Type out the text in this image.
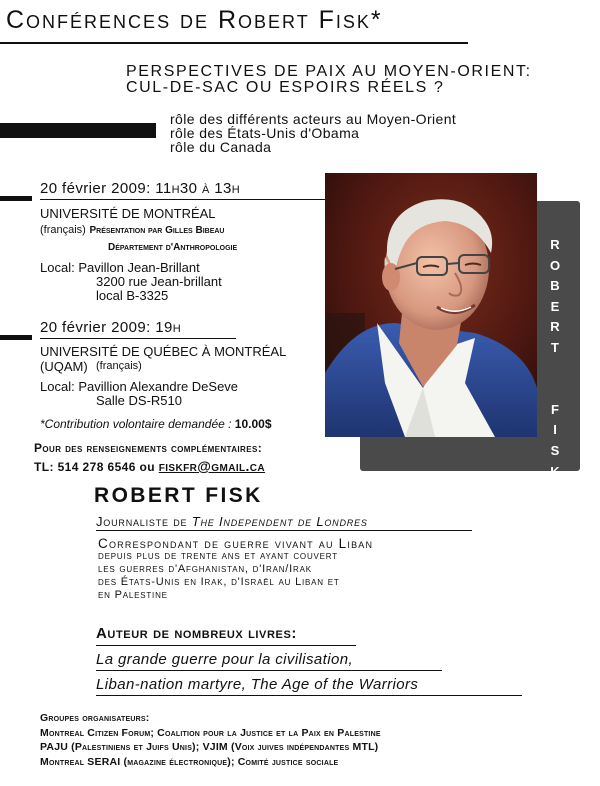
Conférences de Robert Fisk*
PERSPECTIVES DE PAIX AU MOYEN-ORIENT:
CUL-DE-SAC OU ESPOIRS RÉELS ?
rôle des différents acteurs au Moyen-Orient
rôle des États-Unis d'Obama
rôle du Canada
20 février 2009: 11h30 à 13h
UNIVERSITÉ DE MONTRÉAL
(français) Présentation par Gilles Bibeau
Département d'Anthropologie
Local: Pavillon Jean-Brillant
3200 rue Jean-brillant
local B-3325
20 février 2009: 19h
UNIVERSITÉ DE QUÉBEC À MONTRÉAL
(UQAM) (français)
Local: Pavillion Alexandre DeSeve
Salle DS-R510
*Contribution volontaire demandée : 10.00$
Pour des renseignements complémentaires:
TL: 514 278 6546 ou fiskfr@gmail.ca
R
O
B
E
R
T
F
I
S
K
ROBERT FISK
Journaliste de The Independent de Londres
Correspondant de guerre vivant au Liban
depuis plus de trente ans et ayant couvert
les guerres d'Afghanistan, d'Iran/Irak
des États-Unis en Irak, d'Israël au Liban et
en Palestine
Auteur de nombreux livres:
La grande guerre pour la civilisation,
Liban-nation martyre, The Age of the Warriors
Groupes organisateurs:
Montreal Citizen Forum; Coalition pour la Justice et la Paix en Palestine
PAJU (Palestiniens et Juifs Unis); VJIM (Voix juives indépendantes MTL)
Montreal SERAI (magazine électronique); Comité justice sociale
